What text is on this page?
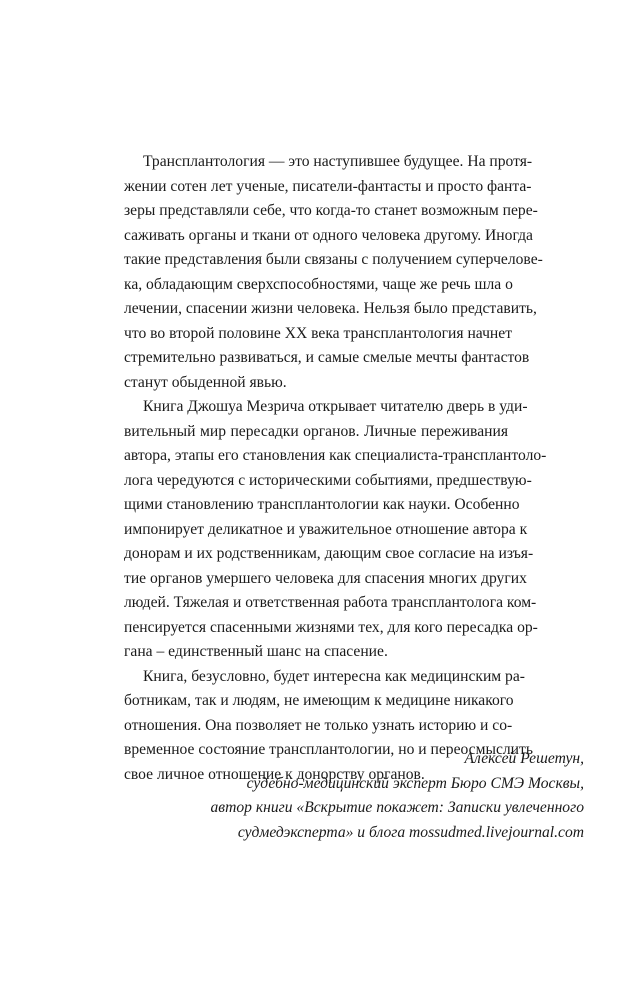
Трансплантология — это наступившее будущее. На протя-
жении сотен лет ученые, писатели-фантасты и просто фанта-
зеры представляли себе, что когда-то станет возможным пере-
саживать органы и ткани от одного человека другому. Иногда
такие представления были связаны с получением суперчелове-
ка, обладающим сверхспособностями, чаще же речь шла о
лечении, спасении жизни человека. Нельзя было представить,
что во второй половине XX века трансплантология начнет
стремительно развиваться, и самые смелые мечты фантастов
станут обыденной явью.
Книга Джошуа Мезрича открывает читателю дверь в уди-
вительный мир пересадки органов. Личные переживания
автора, этапы его становления как специалиста-трансплантоло-
лога чередуются с историческими событиями, предшествую-
щими становлению трансплантологии как науки. Особенно
импонирует деликатное и уважительное отношение автора к
донорам и их родственникам, дающим свое согласие на изъя-
тие органов умершего человека для спасения многих других
людей. Тяжелая и ответственная работа трансплантолога ком-
пенсируется спасенными жизнями тех, для кого пересадка ор-
гана – единственный шанс на спасение.
Книга, безусловно, будет интересна как медицинским ра-
ботникам, так и людям, не имеющим к медицине никакого
отношения. Она позволяет не только узнать историю и со-
временное состояние трансплантологии, но и переосмыслить
свое личное отношение к донорству органов.
Алексей Решетун,
судебно-медицинский эксперт Бюро СМЭ Москвы,
автор книги «Вскрытие покажет: Записки увлеченного
судмедэксперта» и блога mossudmed.livejournal.com
